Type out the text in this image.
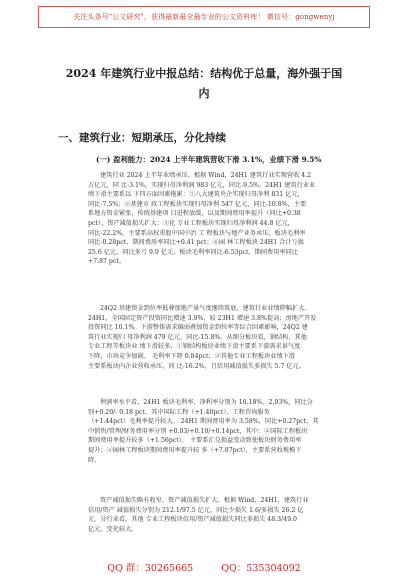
关注头条号"公文研究"，获得最新最全最专业的公文资料库！ 微信号：gongwenyj
2024 年建筑行业中报总结：结构优于总量，海外强于国
内
一、建筑行业：短期承压，分化持续
(一) 盈利能力：2024 上半年建筑营收下滑 3.1%，业绩下滑 9.5%
建筑行业 2024 上半年业绩承压。根据 Wind，24H1 建筑行业实现营收 4.2
万亿元，同 比-3.1%，实现归母净利润 983 亿元，同比-9.5%。24H1 建筑行业业
绩下滑主要系以 下四方面因素拖累：①八大建筑央企实现归母净利 831 亿元，
同比-7.5%；②基建市 政工程板块实现归母净利 547 亿元，同比-10.8%，主要
系地方资金紧张，传统基建项 目进程放缓，以及期间费用率提升（同比+0.38
pct）、资产减值损失扩大；③化 专业工程板块实现归母净利润 44.8 亿元，
同比-22.2%，主要系高权重股中国中冶 工 程板块与地产业务承压，板块毛利率
同比-0.28pct、期间费用率同比+0.41 pct；④园 林工程板块 24H1 合计亏损
25.6 亿元，同比多亏 9.9 亿元，板块毛利率同比-6.53pct、期间费用率同比
+7.87 pct。
24Q2 基建资金到位率低叠加地产景气度继续筑底，建筑行业业绩降幅扩大。
24H1，全国固定资产投资同比增速 3.9%，较 23H1 增速 3.8%提高；房地产开发
投资同比 10.1%。下游整体需求偏弱叠加资金到位率等综合因素影响，24Q2 建
筑行业实现归 母净利润 479 亿元，同比-15.8%，从细分板块看，钢结构、其他
专业工程等板块业 绩下滑较多，①钢结构板块业绩下滑主要系下游需求景气度
下降，市场竞争加剧。 毛利率下降 0.84pct；②其他专业工程板块业绩下滑
主要系板块内企业营收承压，同 比-16.2%，且信用减值损失多损失 5.7 亿元。
利润率水平看，24H1 板块毛利率、净利率分别为 10.18%、2.93%，同比分
别+0.20/- 0.18 pct。其中国际工程（+1.40pct），工程咨询服务
（+1.44pct）毛利率提升较大。 24H1 期间费用率为 3.58%，同比+0.27pct，其
中销售/管理/财务费用率分别 +0.03/+0.10/+0.14pct，其中：②国际工程板块
期间费用率提升较多（+1.56pct）， 主要系汇兑损益变动致使板块财务费用率
提升；②园林工程板块期间费用率提升较 多（+7.87pct），主要系营收规模下
降。
资产减值损失略有收窄，资产减值损失扩大。根据 Wind，24H1，建筑行业
信用/资产 减值损失分别为 212.1/97.5 亿元，同比少损失 1.6/多损失 26.2 亿
元。分行业看，其他 专业工程板块信用/资产减值损失同比多损失 48.3/49.0
亿元，变化较大。
QQ 群：30265665	QQ：535304092
